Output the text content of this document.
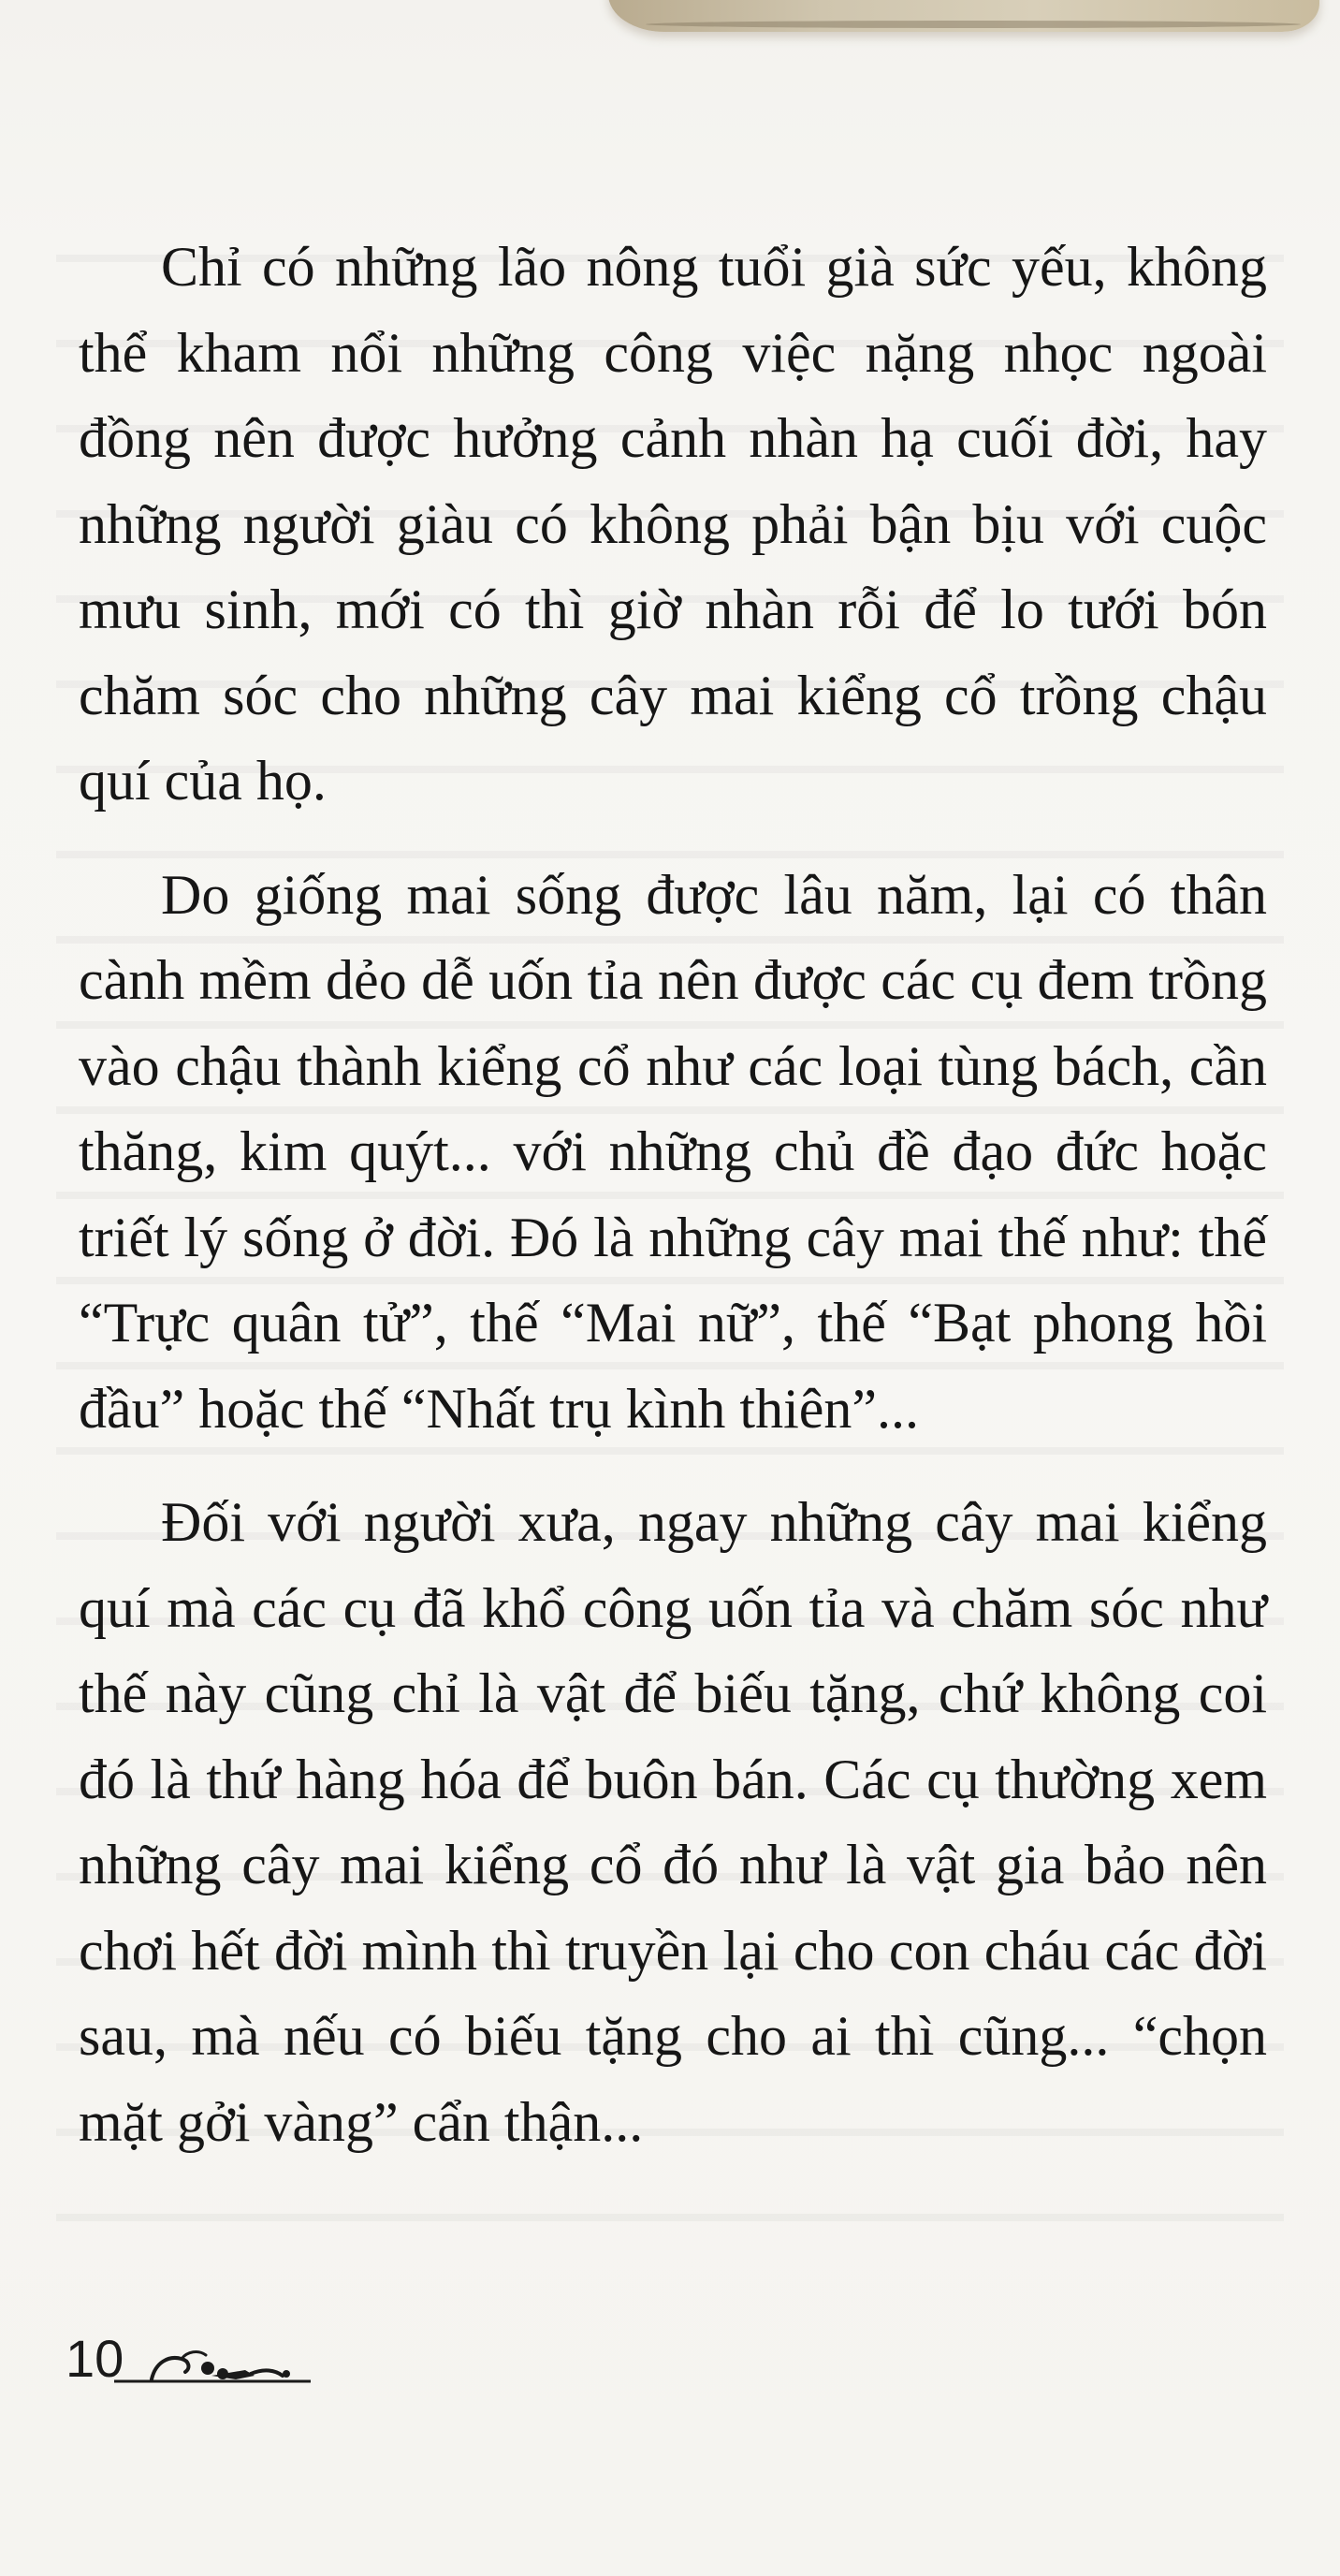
Chỉ có những lão nông tuổi già sức yếu, không thể kham nổi những công việc nặng nhọc ngoài đồng nên được hưởng cảnh nhàn hạ cuối đời, hay những người giàu có không phải bận bịu với cuộc mưu sinh, mới có thì giờ nhàn rỗi để lo tưới bón chăm sóc cho những cây mai kiểng cổ trồng chậu quí của họ.

Do giống mai sống được lâu năm, lại có thân cành mềm dẻo dễ uốn tỉa nên được các cụ đem trồng vào chậu thành kiểng cổ như các loại tùng bách, cần thăng, kim quýt... với những chủ đề đạo đức hoặc triết lý sống ở đời. Đó là những cây mai thế như: thế “Trực quân tử”, thế “Mai nữ”, thế “Bạt phong hồi đầu” hoặc thế “Nhất trụ kình thiên”...

Đối với người xưa, ngay những cây mai kiểng quí mà các cụ đã khổ công uốn tỉa và chăm sóc như thế này cũng chỉ là vật để biếu tặng, chứ không coi đó là thứ hàng hóa để buôn bán. Các cụ thường xem những cây mai kiểng cổ đó như là vật gia bảo nên chơi hết đời mình thì truyền lại cho con cháu các đời sau, mà nếu có biếu tặng cho ai thì cũng... “chọn mặt gởi vàng” cẩn thận...

10
